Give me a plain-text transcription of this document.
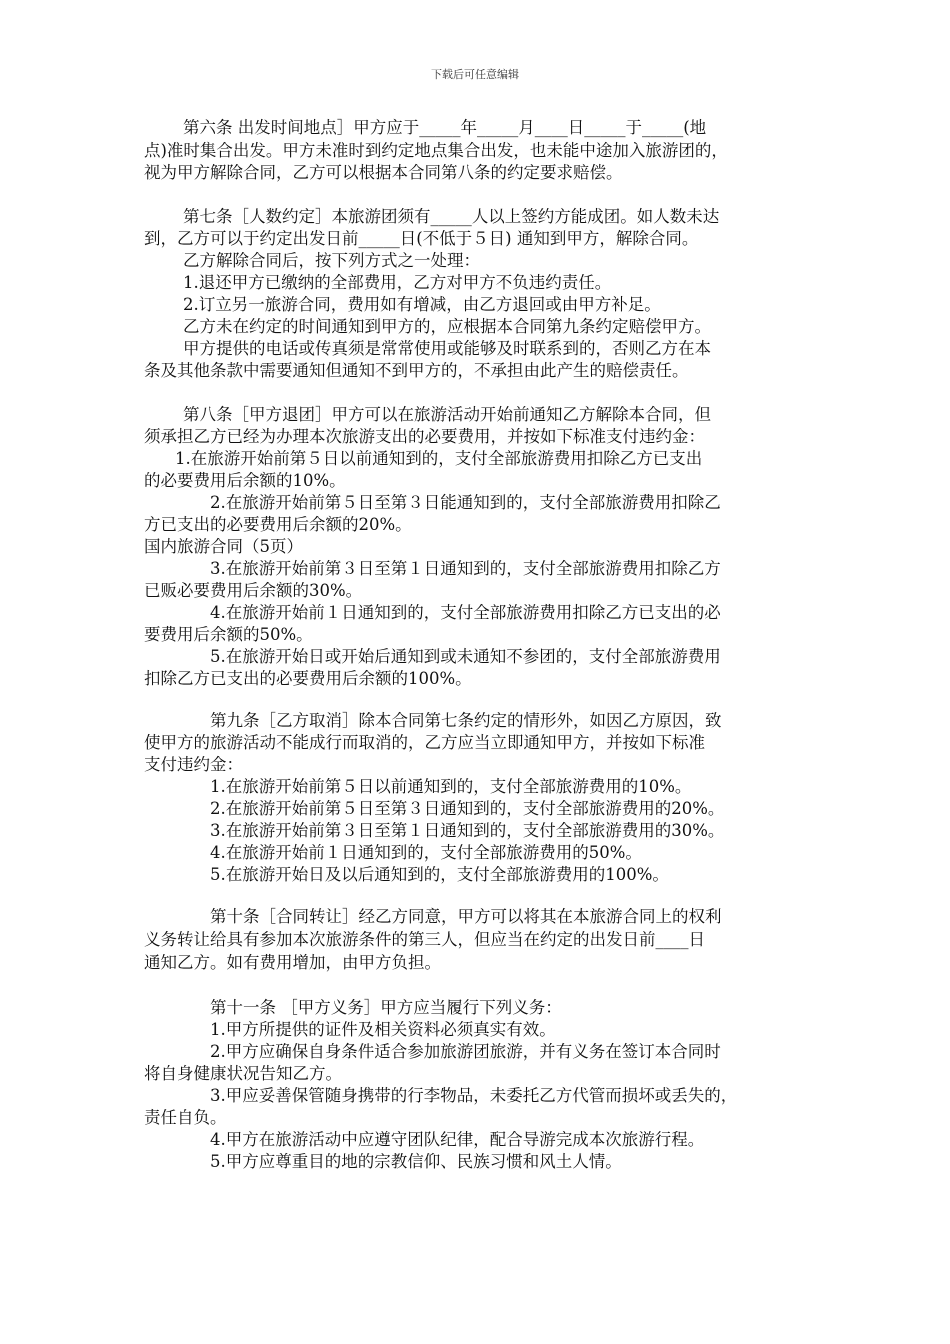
下载后可任意编辑
第六条 出发时间地点］甲方应于_____年_____月____日_____于_____(地
点)准时集合出发。甲方未准时到约定地点集合出发，也未能中途加入旅游团的，
视为甲方解除合同，乙方可以根据本合同第八条的约定要求赔偿。
第七条［人数约定］本旅游团须有_____人以上签约方能成团。如人数未达
到，乙方可以于约定出发日前_____日(不低于５日) 通知到甲方，解除合同。
乙方解除合同后，按下列方式之一处理：
1.退还甲方已缴纳的全部费用，乙方对甲方不负违约责任。
2.订立另一旅游合同，费用如有增减，由乙方退回或由甲方补足。
乙方未在约定的时间通知到甲方的，应根据本合同第九条约定赔偿甲方。
甲方提供的电话或传真须是常常使用或能够及时联系到的，否则乙方在本
条及其他条款中需要通知但通知不到甲方的，不承担由此产生的赔偿责任。
第八条［甲方退团］甲方可以在旅游活动开始前通知乙方解除本合同，但
须承担乙方已经为办理本次旅游支出的必要费用，并按如下标准支付违约金：
1.在旅游开始前第５日以前通知到的，支付全部旅游费用扣除乙方已支出
的必要费用后余额的10%。
2.在旅游开始前第５日至第３日能通知到的，支付全部旅游费用扣除乙
方已支出的必要费用后余额的20%。
国内旅游合同（5页）
3.在旅游开始前第３日至第１日通知到的，支付全部旅游费用扣除乙方
已贩必要费用后余额的30%。
4.在旅游开始前１日通知到的，支付全部旅游费用扣除乙方已支出的必
要费用后余额的50%。
5.在旅游开始日或开始后通知到或未通知不参团的，支付全部旅游费用
扣除乙方已支出的必要费用后余额的100%。
第九条［乙方取消］除本合同第七条约定的情形外，如因乙方原因，致
使甲方的旅游活动不能成行而取消的，乙方应当立即通知甲方，并按如下标准
支付违约金：
1.在旅游开始前第５日以前通知到的，支付全部旅游费用的10%。
2.在旅游开始前第５日至第３日通知到的，支付全部旅游费用的20%。
3.在旅游开始前第３日至第１日通知到的，支付全部旅游费用的30%。
4.在旅游开始前１日通知到的，支付全部旅游费用的50%。
5.在旅游开始日及以后通知到的，支付全部旅游费用的100%。
第十条［合同转让］经乙方同意，甲方可以将其在本旅游合同上的权利
义务转让给具有参加本次旅游条件的第三人，但应当在约定的出发日前____日
通知乙方。如有费用增加，由甲方负担。
第十一条 ［甲方义务］甲方应当履行下列义务：
1.甲方所提供的证件及相关资料必须真实有效。
2.甲方应确保自身条件适合参加旅游团旅游，并有义务在签订本合同时
将自身健康状况告知乙方。
3.甲应妥善保管随身携带的行李物品，未委托乙方代管而损坏或丢失的，
责任自负。
4.甲方在旅游活动中应遵守团队纪律，配合导游完成本次旅游行程。
5.甲方应尊重目的地的宗教信仰、民族习惯和风土人情。
